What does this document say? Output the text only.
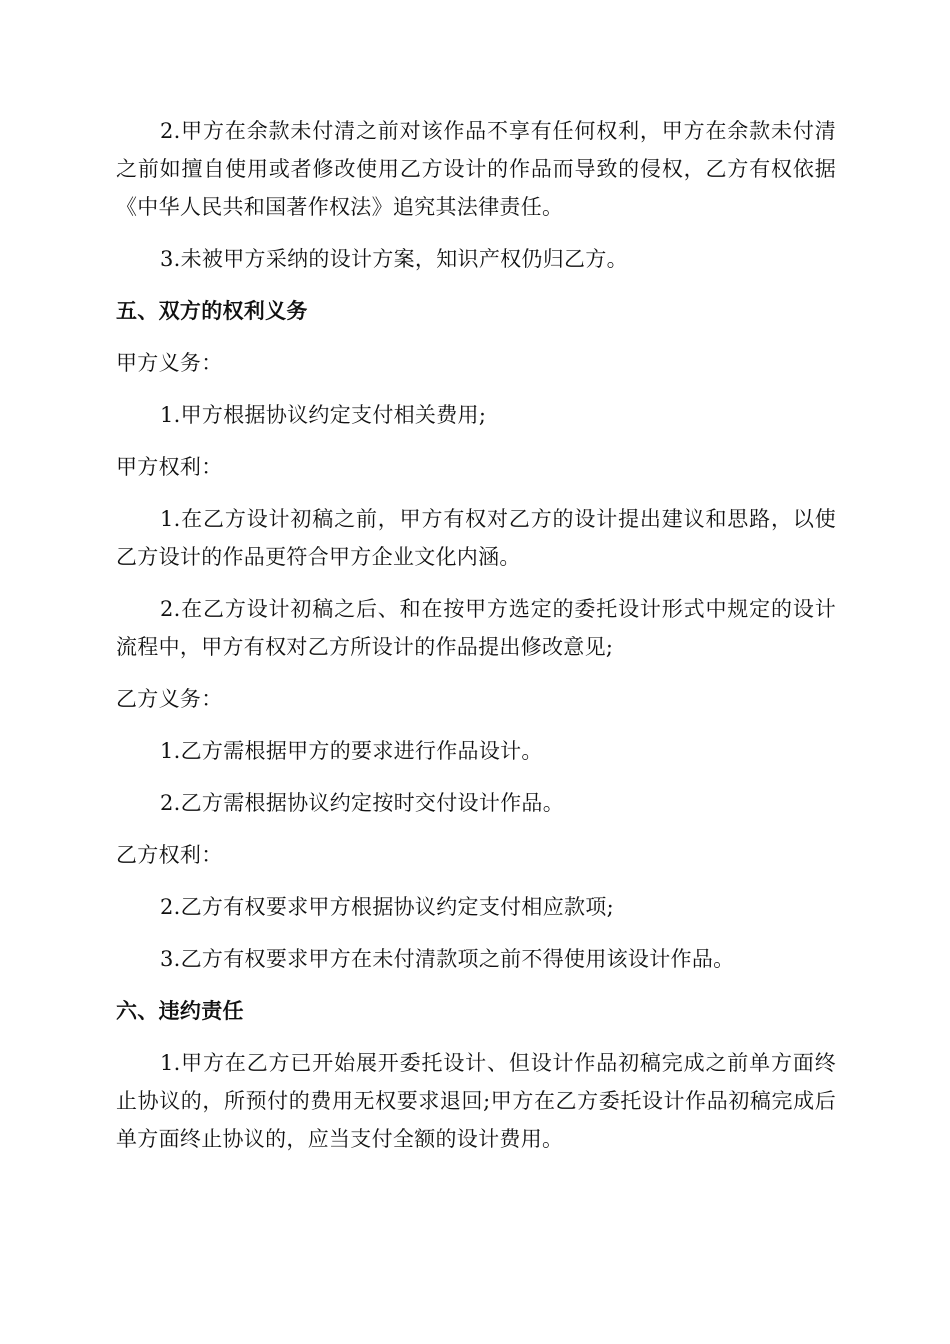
2.甲方在余款未付清之前对该作品不享有任何权利，甲方在余款未付清之前如擅自使用或者修改使用乙方设计的作品而导致的侵权，乙方有权依据《中华人民共和国著作权法》追究其法律责任。

3.未被甲方采纳的设计方案，知识产权仍归乙方。

五、双方的权利义务

甲方义务：

1.甲方根据协议约定支付相关费用;

甲方权利：

1.在乙方设计初稿之前，甲方有权对乙方的设计提出建议和思路，以使乙方设计的作品更符合甲方企业文化内涵。

2.在乙方设计初稿之后、和在按甲方选定的委托设计形式中规定的设计流程中，甲方有权对乙方所设计的作品提出修改意见;

乙方义务：

1.乙方需根据甲方的要求进行作品设计。

2.乙方需根据协议约定按时交付设计作品。

乙方权利：

2.乙方有权要求甲方根据协议约定支付相应款项;

3.乙方有权要求甲方在未付清款项之前不得使用该设计作品。

六、违约责任

1.甲方在乙方已开始展开委托设计、但设计作品初稿完成之前单方面终止协议的，所预付的费用无权要求退回;甲方在乙方委托设计作品初稿完成后单方面终止协议的，应当支付全额的设计费用。
